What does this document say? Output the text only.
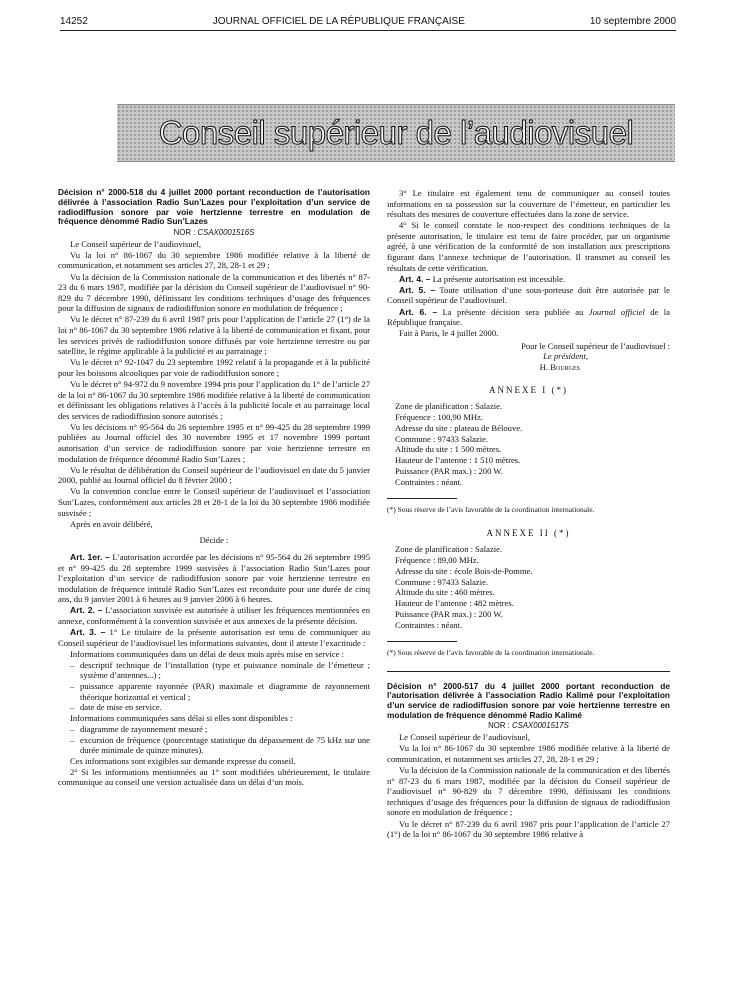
14252	JOURNAL OFFICIEL DE LA RÉPUBLIQUE FRANÇAISE	10 septembre 2000
Conseil supérieur de l’audiovisuel

Décision n° 2000-518 du 4 juillet 2000 portant reconduction de l’autorisation délivrée à l’association Radio Sun’Lazes pour l’exploitation d’un service de radiodiffusion sonore par voie hertzienne terrestre en modulation de fréquence dénommé Radio Sun’Lazes

NOR : CSAX0001516S

Le Conseil supérieur de l’audiovisuel,

Vu la loi n° 86-1067 du 30 septembre 1986 modifiée relative à la liberté de communication, et notamment ses articles 27, 28, 28-1 et 29 ;

Vu la décision de la Commission nationale de la communication et des libertés n° 87-23 du 6 mars 1987, modifiée par la décision du Conseil supérieur de l’audiovisuel n° 90-829 du 7 décembre 1990, définissant les conditions techniques d’usage des fréquences pour la diffusion de signaux de radiodiffusion sonore en modulation de fréquence ;

Vu le décret n° 87-239 du 6 avril 1987 pris pour l’application de l’article 27 (1°) de la loi n° 86-1067 du 30 septembre 1986 relative à la liberté de communication et fixant, pour les services privés de radiodiffusion sonore diffusés par voie hertzienne terrestre ou par satellite, le régime applicable à la publicité et au parrainage ;

Vu le décret n° 92-1047 du 23 septembre 1992 relatif à la propagande et à la publicité pour les boissons alcooliques par voie de radiodiffusion sonore ;

Vu le décret n° 94-972 du 9 novembre 1994 pris pour l’application du 1° de l’article 27 de la loi n° 86-1067 du 30 septembre 1986 modifiée relative à la liberté de communication et définissant les obligations relatives à l’accès à la publicité locale et au parrainage local des services de radiodiffusion sonore autorisés ;

Vu les décisions n° 95-564 du 26 septembre 1995 et n° 99-425 du 28 septembre 1999 publiées au Journal officiel des 30 novembre 1995 et 17 novembre 1999 portant autorisation d’un service de radiodiffusion sonore par voie hertzienne terrestre en modulation de fréquence dénommé Radio Sun’Lazes ;

Vu le résultat de délibération du Conseil supérieur de l’audiovisuel en date du 5 janvier 2000, publié au Journal officiel du 8 février 2000 ;

Vu la convention conclue entre le Conseil supérieur de l’audiovisuel et l’association Sun’Lazes, conformément aux articles 28 et 28-1 de la loi du 30 septembre 1986 modifiée susvisée ;

Après en avoir délibéré,

Décide :

Art. 1er. – L’autorisation accordée par les décisions n° 95-564 du 26 septembre 1995 et n° 99-425 du 28 septembre 1999 susvisées à l’association Radio Sun’Lazes pour l’exploitation d’un service de radiodiffusion sonore par voie hertzienne terrestre en modulation de fréquence intitulé Radio Sun’Lazes est reconduite pour une durée de cinq ans, du 9 janvier 2001 à 6 heures au 9 janvier 2006 à 6 heures.

Art. 2. – L’association susvisée est autorisée à utiliser les fréquences mentionnées en annexe, conformément à la convention susvisée et aux annexes de la présente décision.

Art. 3. – 1° Le titulaire de la présente autorisation est tenu de communiquer au Conseil supérieur de l’audiovisuel les informations suivantes, dont il atteste l’exactitude :

Informations communiquées dans un délai de deux mois après mise en service :

– descriptif technique de l’installation (type et puissance nominale de l’émetteur ; système d’antennes...) ;
– puissance apparente rayonnée (PAR) maximale et diagramme de rayonnement théorique horizontal et vertical ;
– date de mise en service.

Informations communiquées sans délai si elles sont disponibles :

– diagramme de rayonnement mesuré ;
– excursion de fréquence (pourcentage statistique du dépassement de 75 kHz sur une durée minimale de quinze minutes).

Ces informations sont exigibles sur demande expresse du conseil.

2° Si les informations mentionnées au 1° sont modifiées ultérieurement, le titulaire communique au conseil une version actualisée dans un délai d’un mois.

3° Le titulaire est également tenu de communiquer au conseil toutes informations en sa possession sur la couverture de l’émetteur, en particulier les résultats des mesures de couverture effectuées dans la zone de service.

4° Si le conseil constate le non-respect des conditions techniques de la présente autorisation, le titulaire est tenu de faire procéder, par un organisme agréé, à une vérification de la conformité de son installation aux prescriptions figurant dans l’annexe technique de l’autorisation. Il transmet au conseil les résultats de cette vérification.

Art. 4. – La présente autorisation est incessible.

Art. 5. – Toute utilisation d’une sous-porteuse doit être autorisée par le Conseil supérieur de l’audiovisuel.

Art. 6. – La présente décision sera publiée au Journal officiel de la République française.

Fait à Paris, le 4 juillet 2000.

Pour le Conseil supérieur de l’audiovisuel :
Le président,
H. Bourges
ANNEXE I (*)
Zone de planification : Salazie.
Fréquence : 100,90 MHz.
Adresse du site : plateau de Bélouve.
Commune : 97433 Salazie.
Altitude du site : 1 500 mètres.
Hauteur de l’antenne : 1 510 mètres.
Puissance (PAR max.) : 200 W.
Contraintes : néant.
(*) Sous réserve de l’avis favorable de la coordination internationale.
ANNEXE II (*)
Zone de planification : Salazie.
Fréquence : 89,00 MHz.
Adresse du site : école Bois-de-Pomme.
Commune : 97433 Salazie.
Altitude du site : 460 mètres.
Hauteur de l’antenne : 482 mètres.
Puissance (PAR max.) : 200 W.
Contraintes : néant.
(*) Sous réserve de l’avis favorable de la coordination internationale.

Décision n° 2000-517 du 4 juillet 2000 portant reconduction de l’autorisation délivrée à l’association Radio Kalimé pour l’exploitation d’un service de radiodiffusion sonore par voie hertzienne terrestre en modulation de fréquence dénommé Radio Kalimé

NOR : CSAX0001517S

Le Conseil supérieur de l’audiovisuel,

Vu la loi n° 86-1067 du 30 septembre 1986 modifiée relative à la liberté de communication, et notamment ses articles 27, 28, 28-1 et 29 ;

Vu la décision de la Commission nationale de la communication et des libertés n° 87-23 du 6 mars 1987, modifiée par la décision du Conseil supérieur de l’audiovisuel n° 90-829 du 7 décembre 1990, définissant les conditions techniques d’usage des fréquences pour la diffusion de signaux de radiodiffusion sonore en modulation de fréquence ;

Vu le décret n° 87-239 du 6 avril 1987 pris pour l’application de l’article 27 (1°) de la loi n° 86-1067 du 30 septembre 1986 relative à
